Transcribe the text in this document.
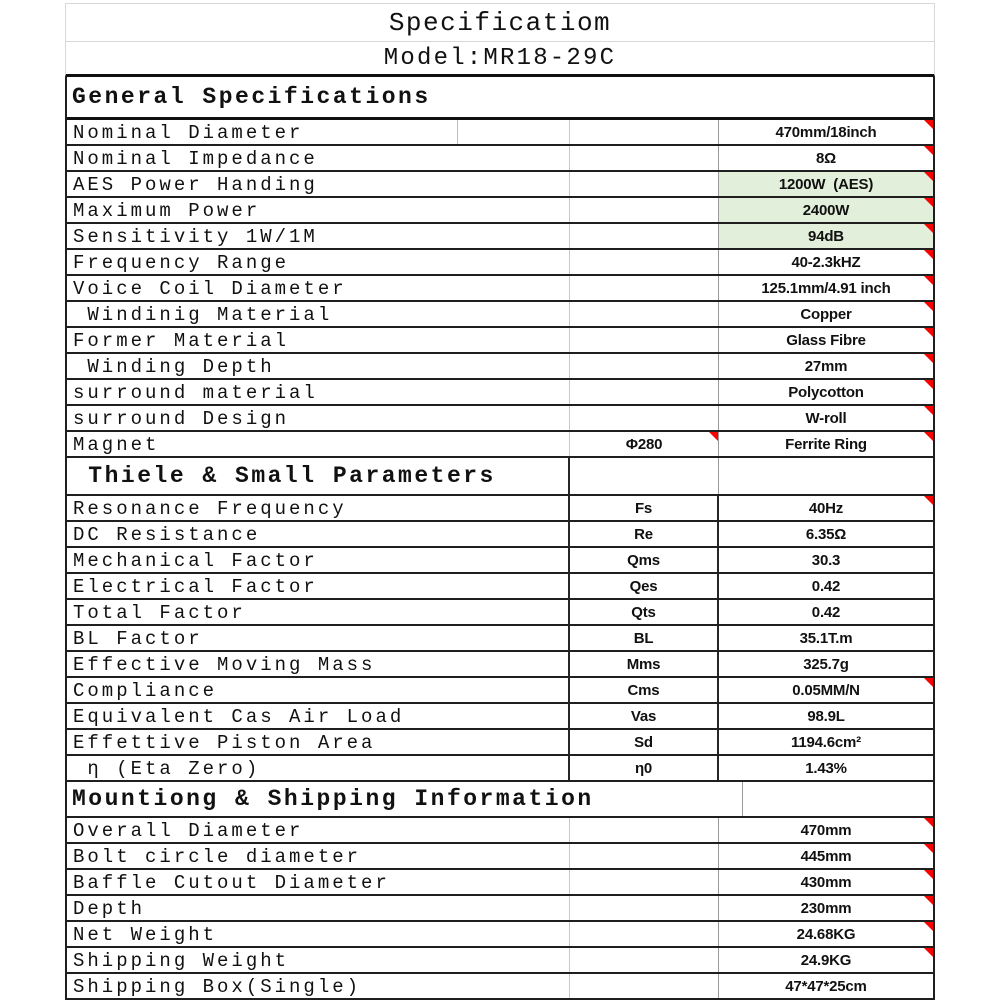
Specificatiom
Model:MR18-29C
General Specifications
Nominal Diameter	470mm/18inch
Nominal Impedance	8Ω
AES Power Handing	1200W  (AES)
Maximum Power	2400W
Sensitivity 1W/1M	94dB
Frequency Range	40-2.3kHZ
Voice Coil Diameter	125.1mm/4.91 inch
Windinig Material	Copper
Former Material	Glass Fibre
Winding Depth	27mm
surround material	Polycotton
surround Design	W-roll
Magnet	Φ280	Ferrite Ring
Thiele & Small Parameters
Resonance Frequency	Fs	40Hz
DC Resistance	Re	6.35Ω
Mechanical Factor	Qms	30.3
Electrical Factor	Qes	0.42
Total Factor	Qts	0.42
BL Factor	BL	35.1T.m
Effective Moving Mass	Mms	325.7g
Compliance	Cms	0.05MM/N
Equivalent Cas Air Load	Vas	98.9L
Effettive Piston Area	Sd	1194.6cm²
η (Eta Zero)	η0	1.43%
Mountiong & Shipping Information
Overall Diameter	470mm
Bolt circle diameter	445mm
Baffle Cutout Diameter	430mm
Depth	230mm
Net Weight	24.68KG
Shipping Weight	24.9KG
Shipping Box(Single)	47*47*25cm
